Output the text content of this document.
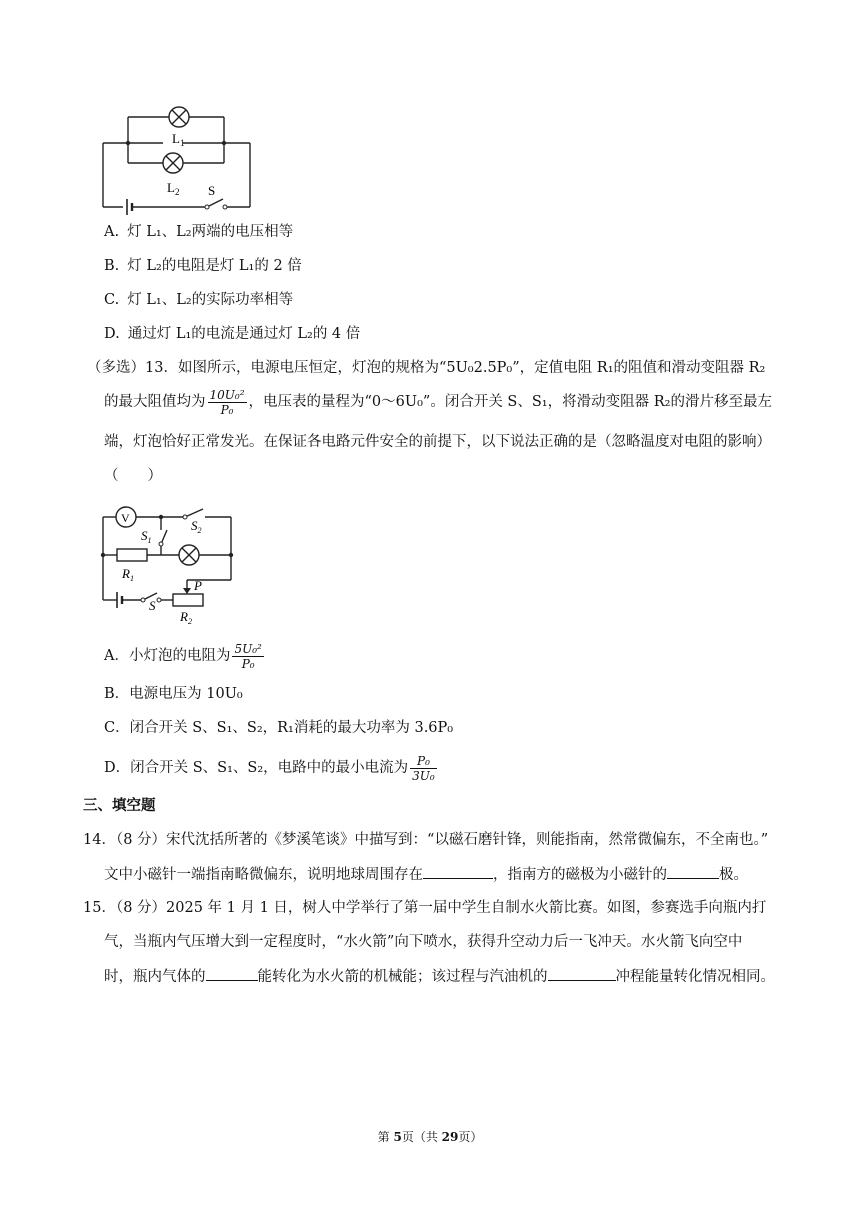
$L_1$
$L_2$ S
A. 灯 L₁、L₂两端的电压相等
B. 灯 L₂的电阻是灯 L₁的 2 倍
C. 灯 L₁、L₂的实际功率相等
D. 通过灯 L₁的电流是通过灯 L₂的 4 倍
（多选）13．如图所示，电源电压恒定，灯泡的规格为“5U₀2.5P₀”，定值电阻 R₁的阻值和滑动变阻器 R₂
的最大阻值均为 $\frac{\text{10U₀²}}{\text{P₀}}$ ，电压表的量程为“0～6U₀”。闭合开关 S、S₁，将滑动变阻器 R₂的滑片移至最左
端，灯泡恰好正常发光。在保证各电路元件安全的前提下，以下说法正确的是（忽略温度对电阻的影响）
（　　）
V
$S_1$
$S_2$
$R_1$	P
S
$R_2$
A．小灯泡的电阻为 $\frac{\text{5U₀²}}{\text{P₀}}$
B．电源电压为 10U₀
C．闭合开关 S、S₁、S₂，R₁消耗的最大功率为 3.6P₀
D．闭合开关 S、S₁、S₂，电路中的最小电流为 $\frac{\text{P₀}}{\text{3U₀}}$
三、填空题
14．（8 分）宋代沈括所著的《梦溪笔谈》中描写到：“以磁石磨针锋，则能指南，然常微偏东，不全南也。”
文中小磁针一端指南略微偏东，说明地球周围存在	，指南方的磁极为小磁针的	极。
15．（8 分）2025 年 1 月 1 日，树人中学举行了第一届中学生自制水火箭比赛。如图，参赛选手向瓶内打
气，当瓶内气压增大到一定程度时，“水火箭”向下喷水，获得升空动力后一飞冲天。水火箭飞向空中
时，瓶内气体的	能转化为水火箭的机械能；该过程与汽油机的	冲程能量转化情况相同。
第 5页（共 29页）
